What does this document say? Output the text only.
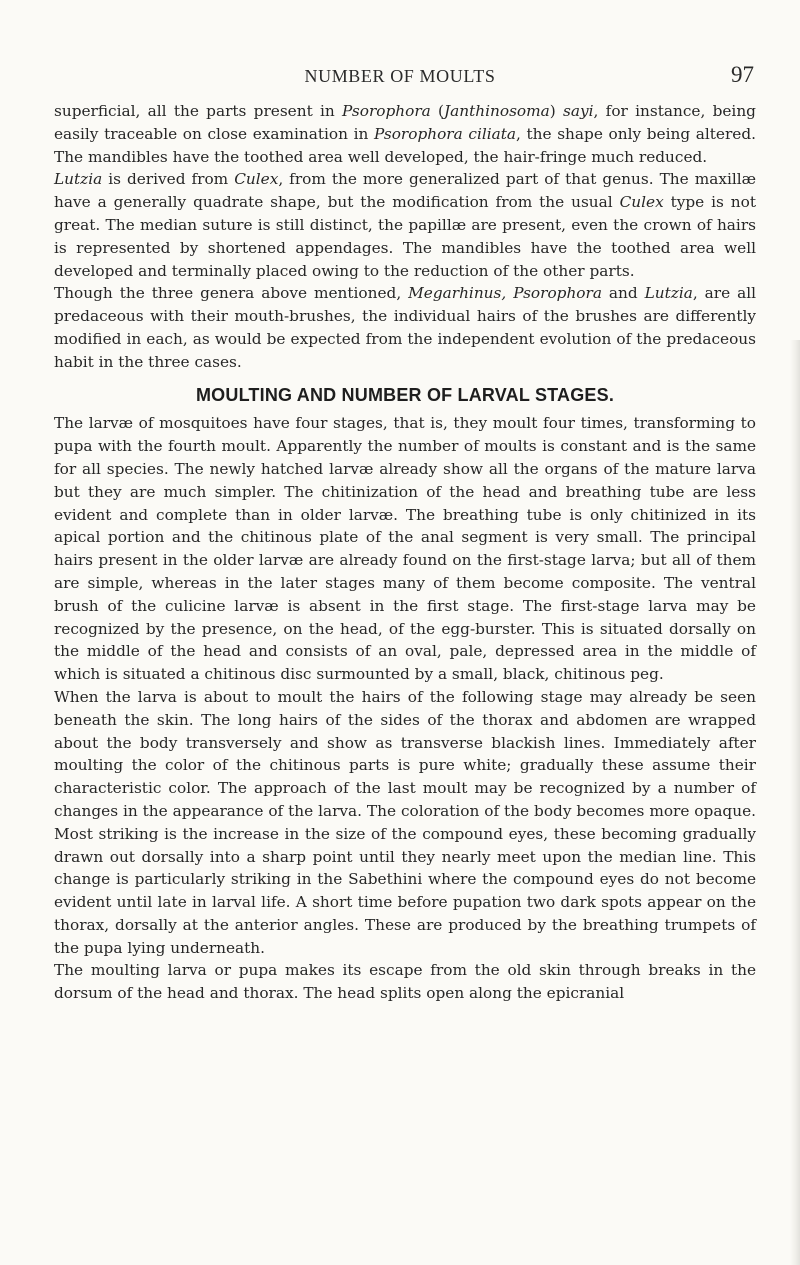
NUMBER OF MOULTS	97

superficial, all the parts present in Psorophora (Janthinosoma) sayi, for instance, being easily traceable on close examination in Psorophora ciliata, the shape only being altered. The mandibles have the toothed area well developed, the hair-fringe much reduced.

Lutzia is derived from Culex, from the more generalized part of that genus. The maxillæ have a generally quadrate shape, but the modification from the usual Culex type is not great. The median suture is still distinct, the papillæ are present, even the crown of hairs is represented by shortened appendages. The mandibles have the toothed area well developed and terminally placed owing to the reduction of the other parts.

Though the three genera above mentioned, Megarhinus, Psorophora and Lutzia, are all predaceous with their mouth-brushes, the individual hairs of the brushes are differently modified in each, as would be expected from the independent evolution of the predaceous habit in the three cases.

MOULTING AND NUMBER OF LARVAL STAGES.

The larvæ of mosquitoes have four stages, that is, they moult four times, transforming to pupa with the fourth moult. Apparently the number of moults is constant and is the same for all species. The newly hatched larvæ already show all the organs of the mature larva but they are much simpler. The chitinization of the head and breathing tube are less evident and complete than in older larvæ. The breathing tube is only chitinized in its apical portion and the chitinous plate of the anal segment is very small. The principal hairs present in the older larvæ are already found on the first-stage larva; but all of them are simple, whereas in the later stages many of them become composite. The ventral brush of the culicine larvæ is absent in the first stage. The first-stage larva may be recognized by the presence, on the head, of the egg-burster. This is situated dorsally on the middle of the head and consists of an oval, pale, depressed area in the middle of which is situated a chitinous disc surmounted by a small, black, chitinous peg.

When the larva is about to moult the hairs of the following stage may already be seen beneath the skin. The long hairs of the sides of the thorax and abdomen are wrapped about the body transversely and show as transverse blackish lines. Immediately after moulting the color of the chitinous parts is pure white; gradually these assume their characteristic color. The approach of the last moult may be recognized by a number of changes in the appearance of the larva. The coloration of the body becomes more opaque. Most striking is the increase in the size of the compound eyes, these becoming gradually drawn out dorsally into a sharp point until they nearly meet upon the median line. This change is particularly striking in the Sabethini where the compound eyes do not become evident until late in larval life. A short time before pupation two dark spots appear on the thorax, dorsally at the anterior angles. These are produced by the breathing trumpets of the pupa lying underneath.

The moulting larva or pupa makes its escape from the old skin through breaks in the dorsum of the head and thorax. The head splits open along the epicranial
